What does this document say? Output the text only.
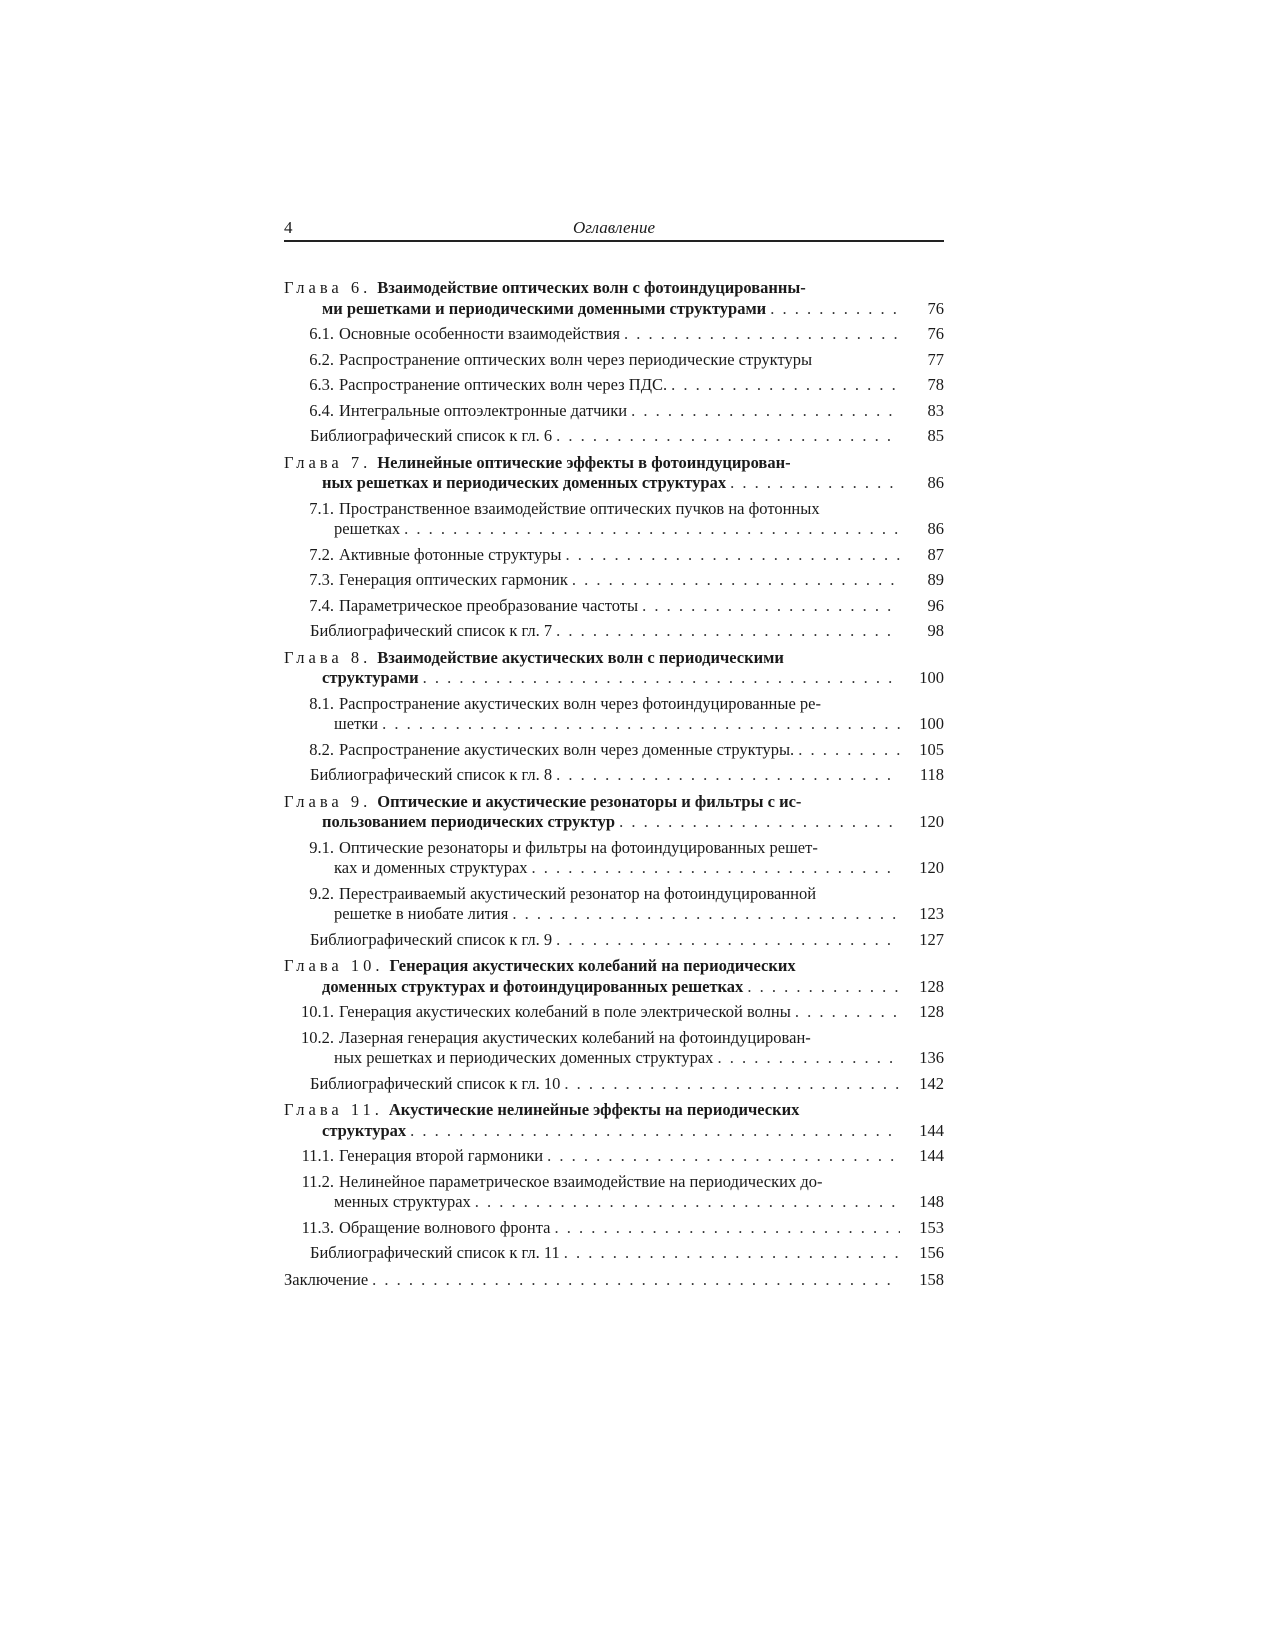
4	Оглавление
Глава 6. Взаимодействие оптических волн с фотоиндуцированны-
ми решетками и периодическими доменными структурами . . .	76
6.1. Основные особенности взаимодействия . . .	76
6.2. Распространение оптических волн через периодические структуры	77
6.3. Распространение оптических волн через ПДС. . . .	78
6.4. Интегральные оптоэлектронные датчики . . .	83
Библиографический список к гл. 6 . . .	85
Глава 7. Нелинейные оптические эффекты в фотоиндуцирован-
ных решетках и периодических доменных структурах . . .	86
7.1. Пространственное взаимодействие оптических пучков на фотонных
решетках . . .	86
7.2. Активные фотонные структуры . . .	87
7.3. Генерация оптических гармоник . . .	89
7.4. Параметрическое преобразование частоты . . .	96
Библиографический список к гл. 7 . . .	98
Глава 8. Взаимодействие акустических волн с периодическими
структурами . . .	100
8.1. Распространение акустических волн через фотоиндуцированные ре-
шетки . . .	100
8.2. Распространение акустических волн через доменные структуры. . . .	105
Библиографический список к гл. 8 . . .	118
Глава 9. Оптические и акустические резонаторы и фильтры с ис-
пользованием периодических структур . . .	120
9.1. Оптические резонаторы и фильтры на фотоиндуцированных решет-
ках и доменных структурах . . .	120
9.2. Перестраиваемый акустический резонатор на фотоиндуцированной
решетке в ниобате лития . . .	123
Библиографический список к гл. 9 . . .	127
Глава 10. Генерация акустических колебаний на периодических
доменных структурах и фотоиндуцированных решетках . . .	128
10.1. Генерация акустических колебаний в поле электрической волны . . .	128
10.2. Лазерная генерация акустических колебаний на фотоиндуцирован-
ных решетках и периодических доменных структурах . . .	136
Библиографический список к гл. 10 . . .	142
Глава 11. Акустические нелинейные эффекты на периодических
структурах . . .	144
11.1. Генерация второй гармоники . . .	144
11.2. Нелинейное параметрическое взаимодействие на периодических до-
менных структурах . . .	148
11.3. Обращение волнового фронта . . .	153
Библиографический список к гл. 11 . . .	156
Заключение . . .	158
